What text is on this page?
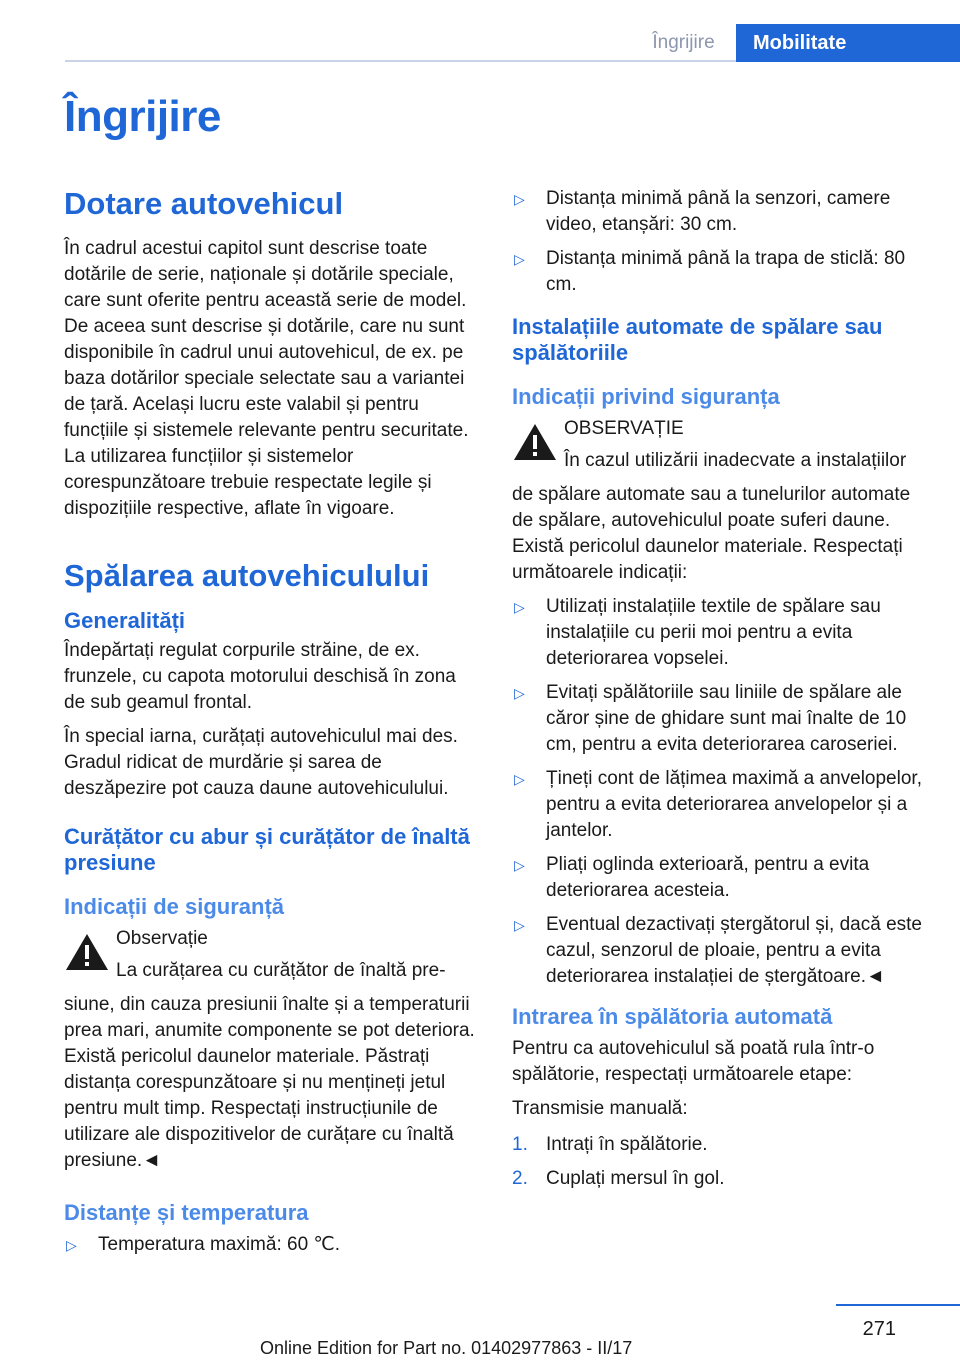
Îngrijire	Mobilitate
Îngrijire
Dotare autovehicul

În cadrul acestui capitol sunt descrise toate dotările de serie, naționale și dotările speciale, care sunt oferite pentru această serie de model. De aceea sunt descrise și dotările, care nu sunt disponibile în cadrul unui autovehicul, de ex. pe baza dotărilor speciale selectate sau a variantei de țară. Același lucru este valabil și pentru funcțiile și sistemele relevante pentru securitate. La utilizarea funcțiilor și sistemelor corespunzătoare trebuie respectate legile și dispozițiile respective, aflate în vigoare.

Spălarea autovehiculului
Generalități

Îndepărtați regulat corpurile străine, de ex. frunzele, cu capota motorului deschisă în zona de sub geamul frontal.

În special iarna, curățați autovehiculul mai des. Gradul ridicat de murdărie și sarea de deszăpezire pot cauza daune autovehiculului.

Curățător cu abur și curățător de înaltă presiune
Indicații de siguranță

Observație

La curățarea cu curățător de înaltă pre-

siune, din cauza presiunii înalte și a temperaturii prea mari, anumite componente se pot deteriora. Există pericolul daunelor materiale. Păstrați distanța corespunzătoare și nu mențineți jetul pentru mult timp. Respectați instrucțiunile de utilizare ale dispozitivelor de curățare cu înaltă presiune.◄

Distanțe și temperatura
▷ Temperatura maximă: 60 ℃.
▷ Distanța minimă până la senzori, camere video, etanșări: 30 cm.
▷ Distanța minimă până la trapa de sticlă: 80 cm.
Instalațiile automate de spălare sau spălătoriile
Indicații privind siguranța

OBSERVAȚIE

În cazul utilizării inadecvate a instalațiilor

de spălare automate sau a tunelurilor automate de spălare, autovehiculul poate suferi daune. Există pericolul daunelor materiale. Respectați următoarele indicații:

▷ Utilizați instalațiile textile de spălare sau instalațiile cu perii moi pentru a evita deteriorarea vopselei.
▷ Evitați spălătoriile sau liniile de spălare ale căror șine de ghidare sunt mai înalte de 10 cm, pentru a evita deteriorarea caroseriei.
▷ Țineți cont de lățimea maximă a anvelopelor, pentru a evita deteriorarea anvelopelor și a jantelor.
▷ Pliați oglinda exterioară, pentru a evita deteriorarea acesteia.
▷ Eventual dezactivați ștergătorul și, dacă este cazul, senzorul de ploaie, pentru a evita deteriorarea instalației de ștergătoare.◄
Intrarea în spălătoria automată

Pentru ca autovehiculul să poată rula într-o spălătorie, respectați următoarele etape:

Transmisie manuală:

1. Intrați în spălătorie.
2. Cuplați mersul în gol.
271
Online Edition for Part no. 01402977863 - II/17
